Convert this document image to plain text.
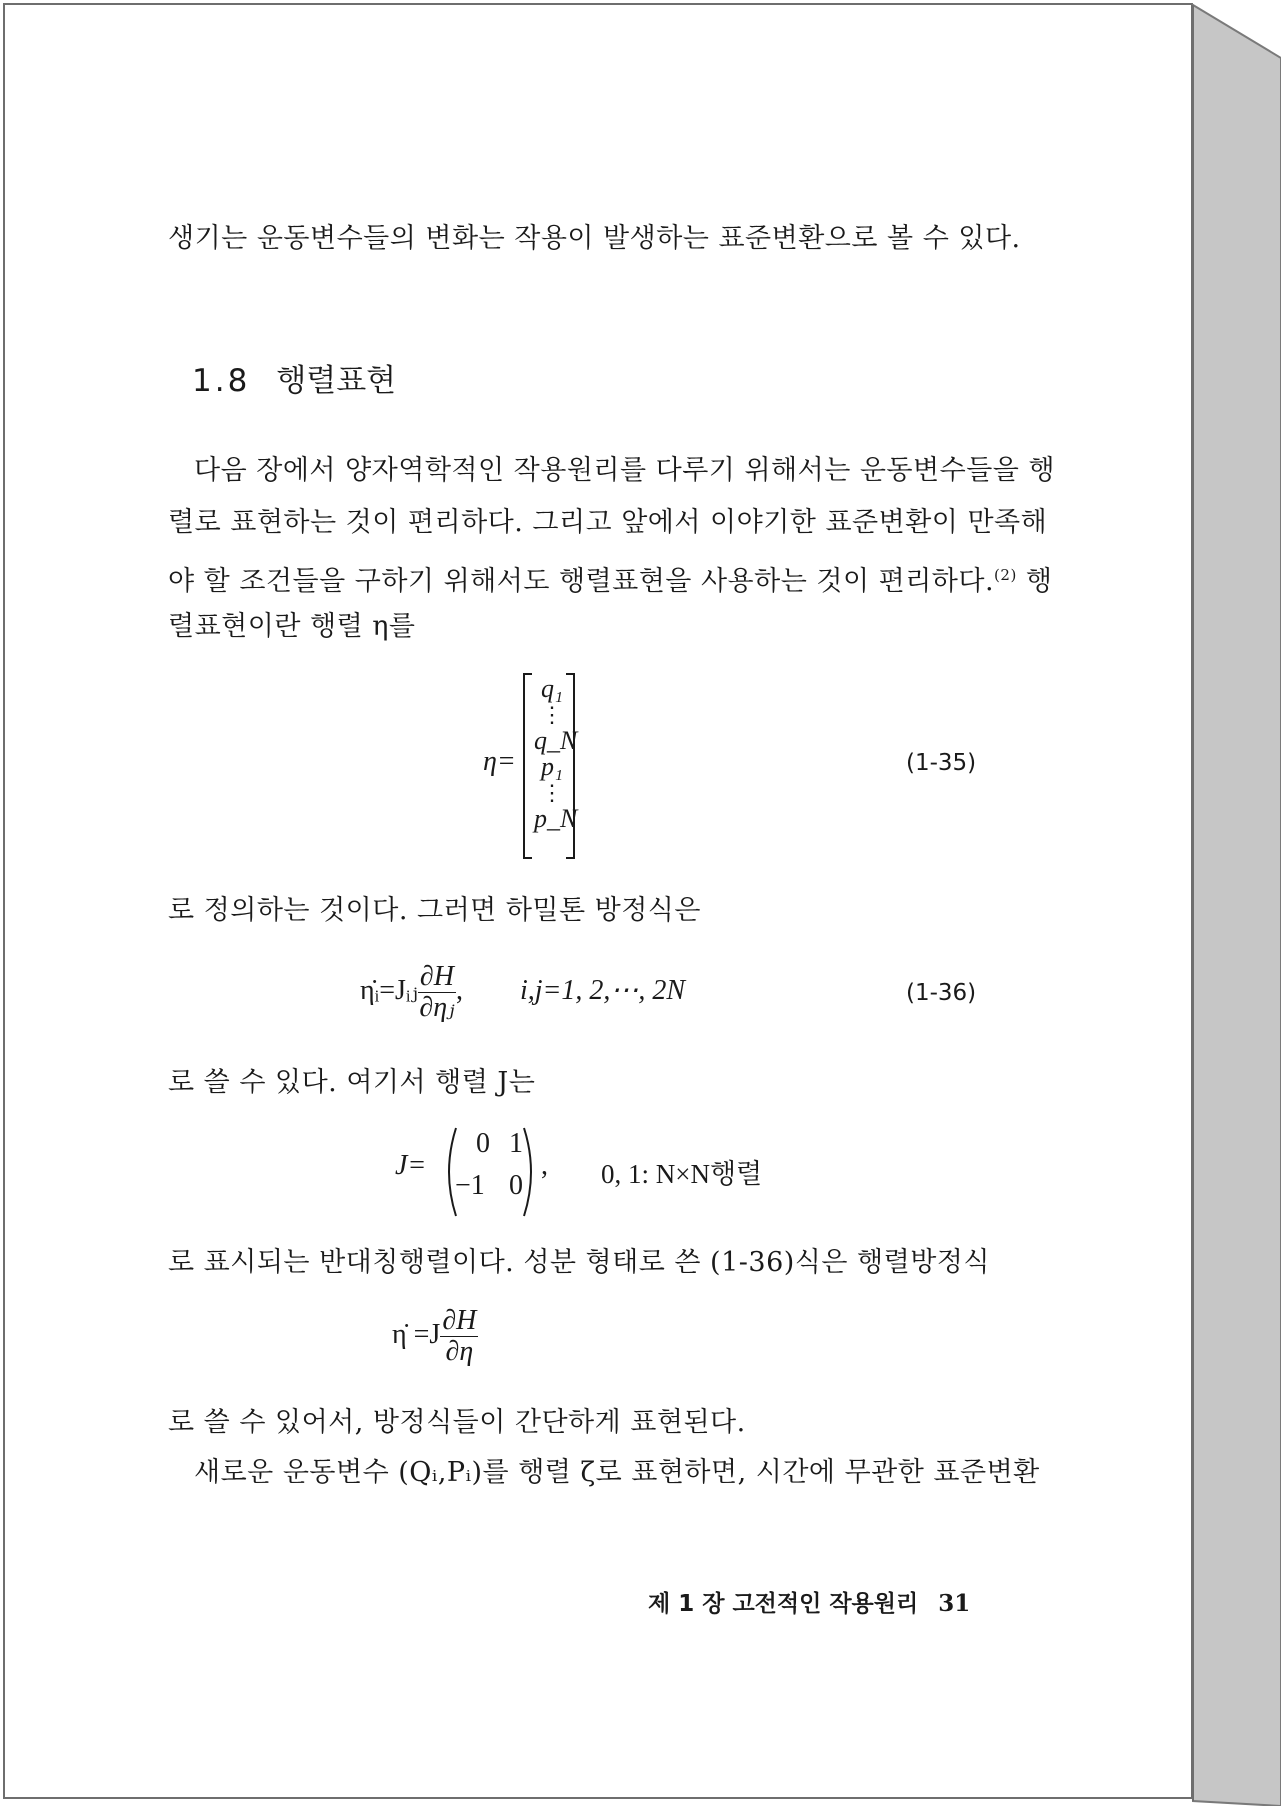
생기는 운동변수들의 변화는 작용이 발생하는 표준변환으로 볼 수 있다.
1.8 행렬표현
다음 장에서 양자역학적인 작용원리를 다루기 위해서는 운동변수들을 행
렬로 표현하는 것이 편리하다. 그리고 앞에서 이야기한 표준변환이 만족해
야 할 조건들을 구하기 위해서도 행렬표현을 사용하는 것이 편리하다.$^{(2)}$ 행
렬표현이란 행렬 η를
η=
q₁
⋮
q_N
p₁
⋮
p_N
(1-35)
로 정의하는 것이다. 그러면 하밀톤 방정식은
η̇ᵢ=Jᵢⱼ $\frac{\partial H}{\text{∂ηⱼ}}$ , i,j=1, 2,⋯, 2N	(1-36)
로 쓸 수 있다. 여기서 행렬 J는
J=
0 1
−1 0
, 0, 1: N×N행렬
로 표시되는 반대칭행렬이다. 성분 형태로 쓴 (1-36)식은 행렬방정식
η̇ $=J \frac{\partial H}{\partial\eta}$
로 쓸 수 있어서, 방정식들이 간단하게 표현된다.
새로운 운동변수 (Qᵢ,Pᵢ)를 행렬 ζ로 표현하면, 시간에 무관한 표준변환
제 1 장 고전적인 작용원리 31
